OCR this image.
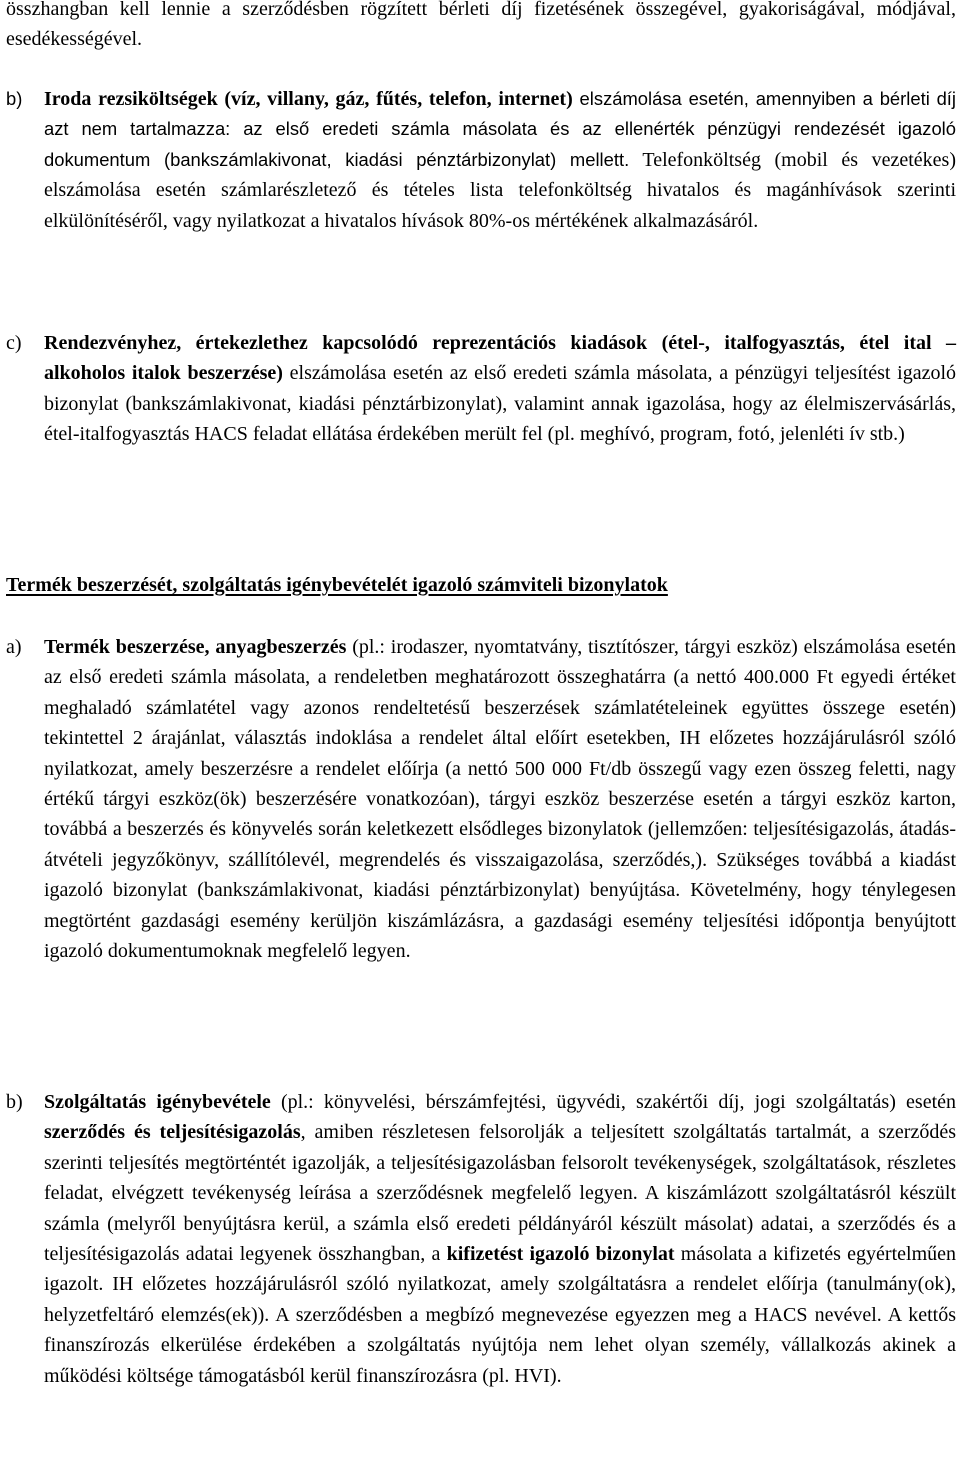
összhangban kell lennie a szerződésben rögzített bérleti díj fizetésének összegével, gyakoriságával, módjával, esedékességével.

b)	Iroda rezsiköltségek (víz, villany, gáz, fűtés, telefon, internet) elszámolása esetén, amennyiben a bérleti díj azt nem tartalmazza: az első eredeti számla másolata és az ellenérték pénzügyi rendezését igazoló dokumentum (bankszámlakivonat, kiadási pénztárbizonylat) mellett. Telefonköltség (mobil és vezetékes) elszámolása esetén számlarészletező és tételes lista telefonköltség hivatalos és magánhívások szerinti elkülönítéséről, vagy nyilatkozat a hivatalos hívások 80%-os mértékének alkalmazásáról.
c)	Rendezvényhez, értekezlethez kapcsolódó reprezentációs kiadások (étel-, italfogyasztás, étel ital – alkoholos italok beszerzése) elszámolása esetén az első eredeti számla másolata, a pénzügyi teljesítést igazoló bizonylat (bankszámlakivonat, kiadási pénztárbizonylat), valamint annak igazolása, hogy az élelmiszervásárlás, étel-italfogyasztás HACS feladat ellátása érdekében merült fel (pl. meghívó, program, fotó, jelenléti ív stb.)
Termék beszerzését, szolgáltatás igénybevételét igazoló számviteli bizonylatok
a)	Termék beszerzése, anyagbeszerzés (pl.: irodaszer, nyomtatvány, tisztítószer, tárgyi eszköz) elszámolása esetén az első eredeti számla másolata, a rendeletben meghatározott összeghatárra (a nettó 400.000 Ft egyedi értéket meghaladó számlatétel vagy azonos rendeltetésű beszerzések számlatételeinek együttes összege esetén) tekintettel 2 árajánlat, választás indoklása a rendelet által előírt esetekben, IH előzetes hozzájárulásról szóló nyilatkozat, amely beszerzésre a rendelet előírja (a nettó 500 000 Ft/db összegű vagy ezen összeg feletti, nagy értékű tárgyi eszköz(ök) beszerzésére vonatkozóan), tárgyi eszköz beszerzése esetén a tárgyi eszköz karton, továbbá a beszerzés és könyvelés során keletkezett elsődleges bizonylatok (jellemzően: teljesítésigazolás, átadás-átvételi jegyzőkönyv, szállítólevél, megrendelés és visszaigazolása, szerződés,). Szükséges továbbá a kiadást igazoló bizonylat (bankszámlakivonat, kiadási pénztárbizonylat) benyújtása. Követelmény, hogy ténylegesen megtörtént gazdasági esemény kerüljön kiszámlázásra, a gazdasági esemény teljesítési időpontja benyújtott igazoló dokumentumoknak megfelelő legyen.
b)	Szolgáltatás igénybevétele (pl.: könyvelési, bérszámfejtési, ügyvédi, szakértői díj, jogi szolgáltatás) esetén szerződés és teljesítésigazolás, amiben részletesen felsorolják a teljesített szolgáltatás tartalmát, a szerződés szerinti teljesítés megtörténtét igazolják, a teljesítésigazolásban felsorolt tevékenységek, szolgáltatások, részletes feladat, elvégzett tevékenység leírása a szerződésnek megfelelő legyen. A kiszámlázott szolgáltatásról készült számla (melyről benyújtásra kerül, a számla első eredeti példányáról készült másolat) adatai, a szerződés és a teljesítésigazolás adatai legyenek összhangban, a kifizetést igazoló bizonylat másolata a kifizetés egyértelműen igazolt. IH előzetes hozzájárulásról szóló nyilatkozat, amely szolgáltatásra a rendelet előírja (tanulmány(ok), helyzetfeltáró elemzés(ek)). A szerződésben a megbízó megnevezése egyezzen meg a HACS nevével. A kettős finanszírozás elkerülése érdekében a szolgáltatás nyújtója nem lehet olyan személy, vállalkozás akinek a működési költsége támogatásból kerül finanszírozásra (pl. HVI).
